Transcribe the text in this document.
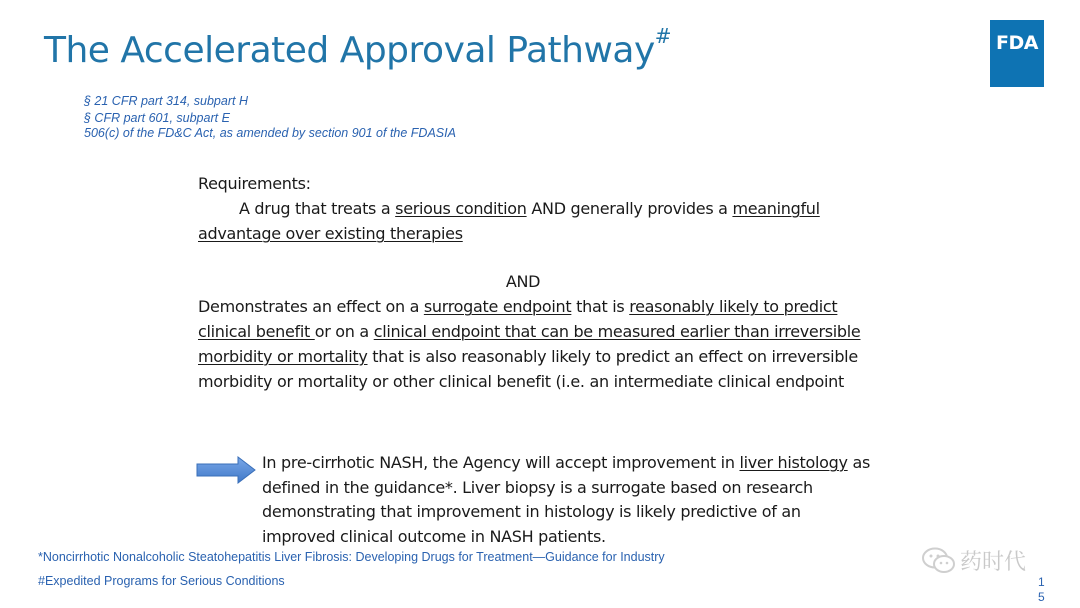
The Accelerated Approval Pathway#	FDA
§ 21 CFR part 314, subpart H
§ CFR part 601, subpart E
506(c) of the FD&C Act, as amended by section 901 of the FDASIA
Requirements:
A drug that treats a serious condition AND generally provides a meaningful advantage over existing therapies
AND
Demonstrates an effect on a surrogate endpoint that is reasonably likely to predict clinical benefit or on a clinical endpoint that can be measured earlier than irreversible morbidity or mortality that is also reasonably likely to predict an effect on irreversible morbidity or mortality or other clinical benefit (i.e. an intermediate clinical endpoint
In pre-cirrhotic NASH, the Agency will accept improvement in liver histology as defined in the guidance*. Liver biopsy is a surrogate based on research demonstrating that improvement in histology is likely predictive of an improved clinical outcome in NASH patients.
*Noncirrhotic Nonalcoholic Steatohepatitis Liver Fibrosis: Developing Drugs for Treatment—Guidance for Industry
#Expedited Programs for Serious Conditions	1
5
药时代
